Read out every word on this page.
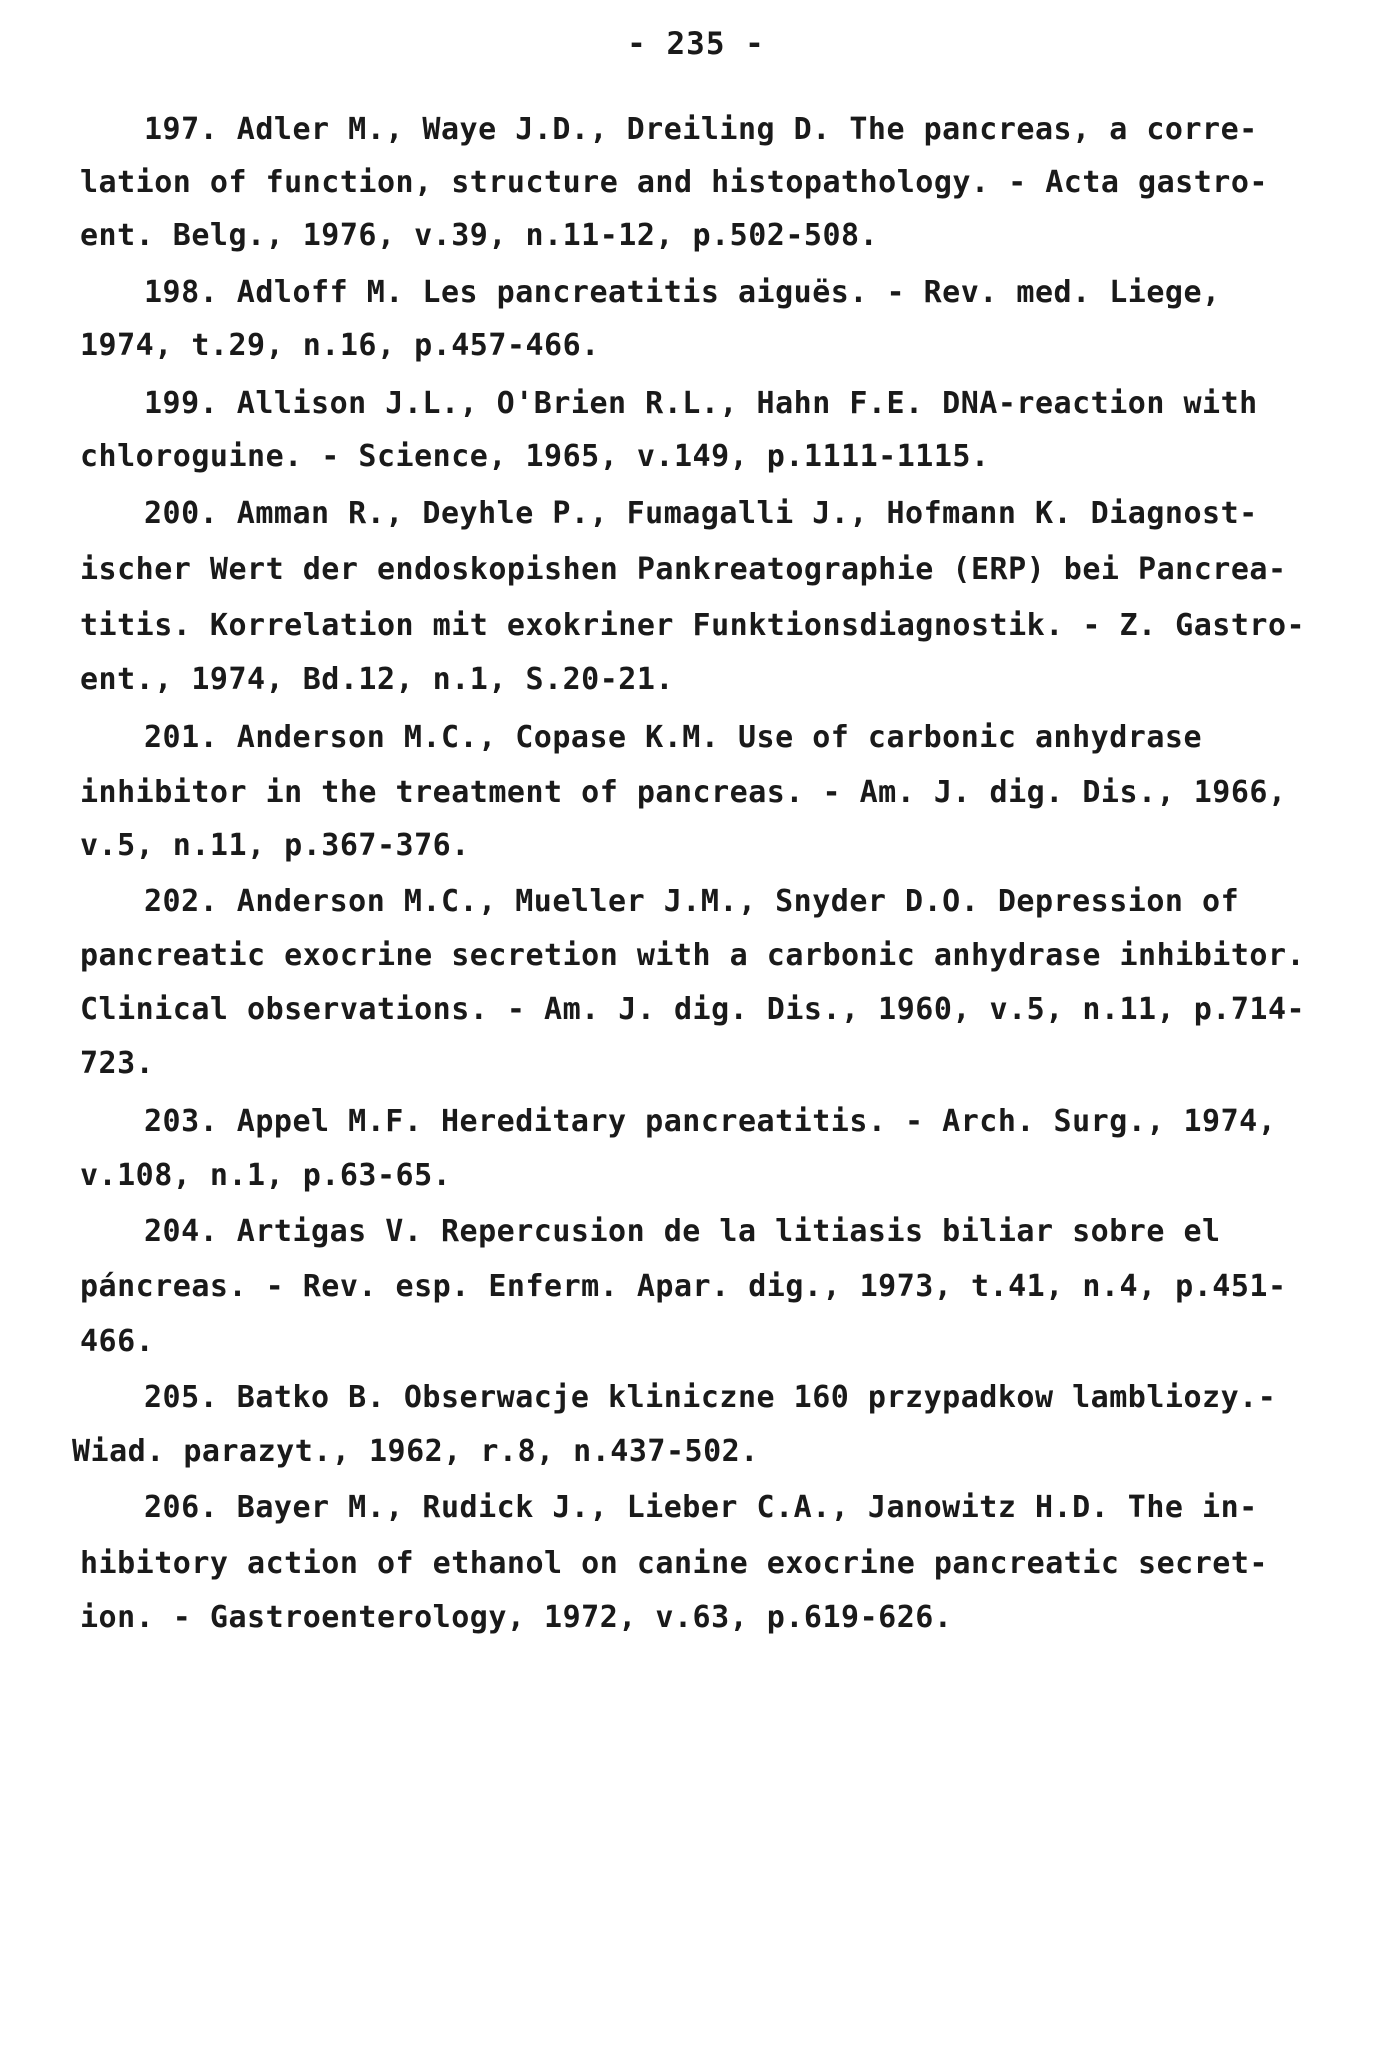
- 235 -
197. Adler M., Waye J.D., Dreiling D. The pancreas, a corre-
lation of function, structure and histopathology. - Acta gastro-
ent. Belg., 1976, v.39, n.11-12, p.502-508.
198. Adloff M. Les pancreatitis aiguës. - Rev. med. Liege,
1974, t.29, n.16, p.457-466.
199. Allison J.L., O'Brien R.L., Hahn F.E. DNA-reaction with
chloroguine. - Science, 1965, v.149, p.1111-1115.
200. Amman R., Deyhle P., Fumagalli J., Hofmann K. Diagnost-
ischer Wert der endoskopishen Pankreatographie (ERP) bei Pancrea-
titis. Korrelation mit exokriner Funktionsdiagnostik. - Z. Gastro-
ent., 1974, Bd.12, n.1, S.20-21.
201. Anderson M.C., Copase K.M. Use of carbonic anhydrase
inhibitor in the treatment of pancreas. - Am. J. dig. Dis., 1966,
v.5, n.11, p.367-376.
202. Anderson M.C., Mueller J.M., Snyder D.O. Depression of
pancreatic exocrine secretion with a carbonic anhydrase inhibitor.
Clinical observations. - Am. J. dig. Dis., 1960, v.5, n.11, p.714-
723.
203. Appel M.F. Hereditary pancreatitis. - Arch. Surg., 1974,
v.108, n.1, p.63-65.
204. Artigas V. Repercusion de la litiasis biliar sobre el
páncreas. - Rev. esp. Enferm. Apar. dig., 1973, t.41, n.4, p.451-
466.
205. Batko B. Obserwacje kliniczne 160 przypadkow lambliozy.-
Wiad. parazyt., 1962, r.8, n.437-502.
206. Bayer M., Rudick J., Lieber C.A., Janowitz H.D. The in-
hibitory action of ethanol on canine exocrine pancreatic secret-
ion. - Gastroenterology, 1972, v.63, p.619-626.
